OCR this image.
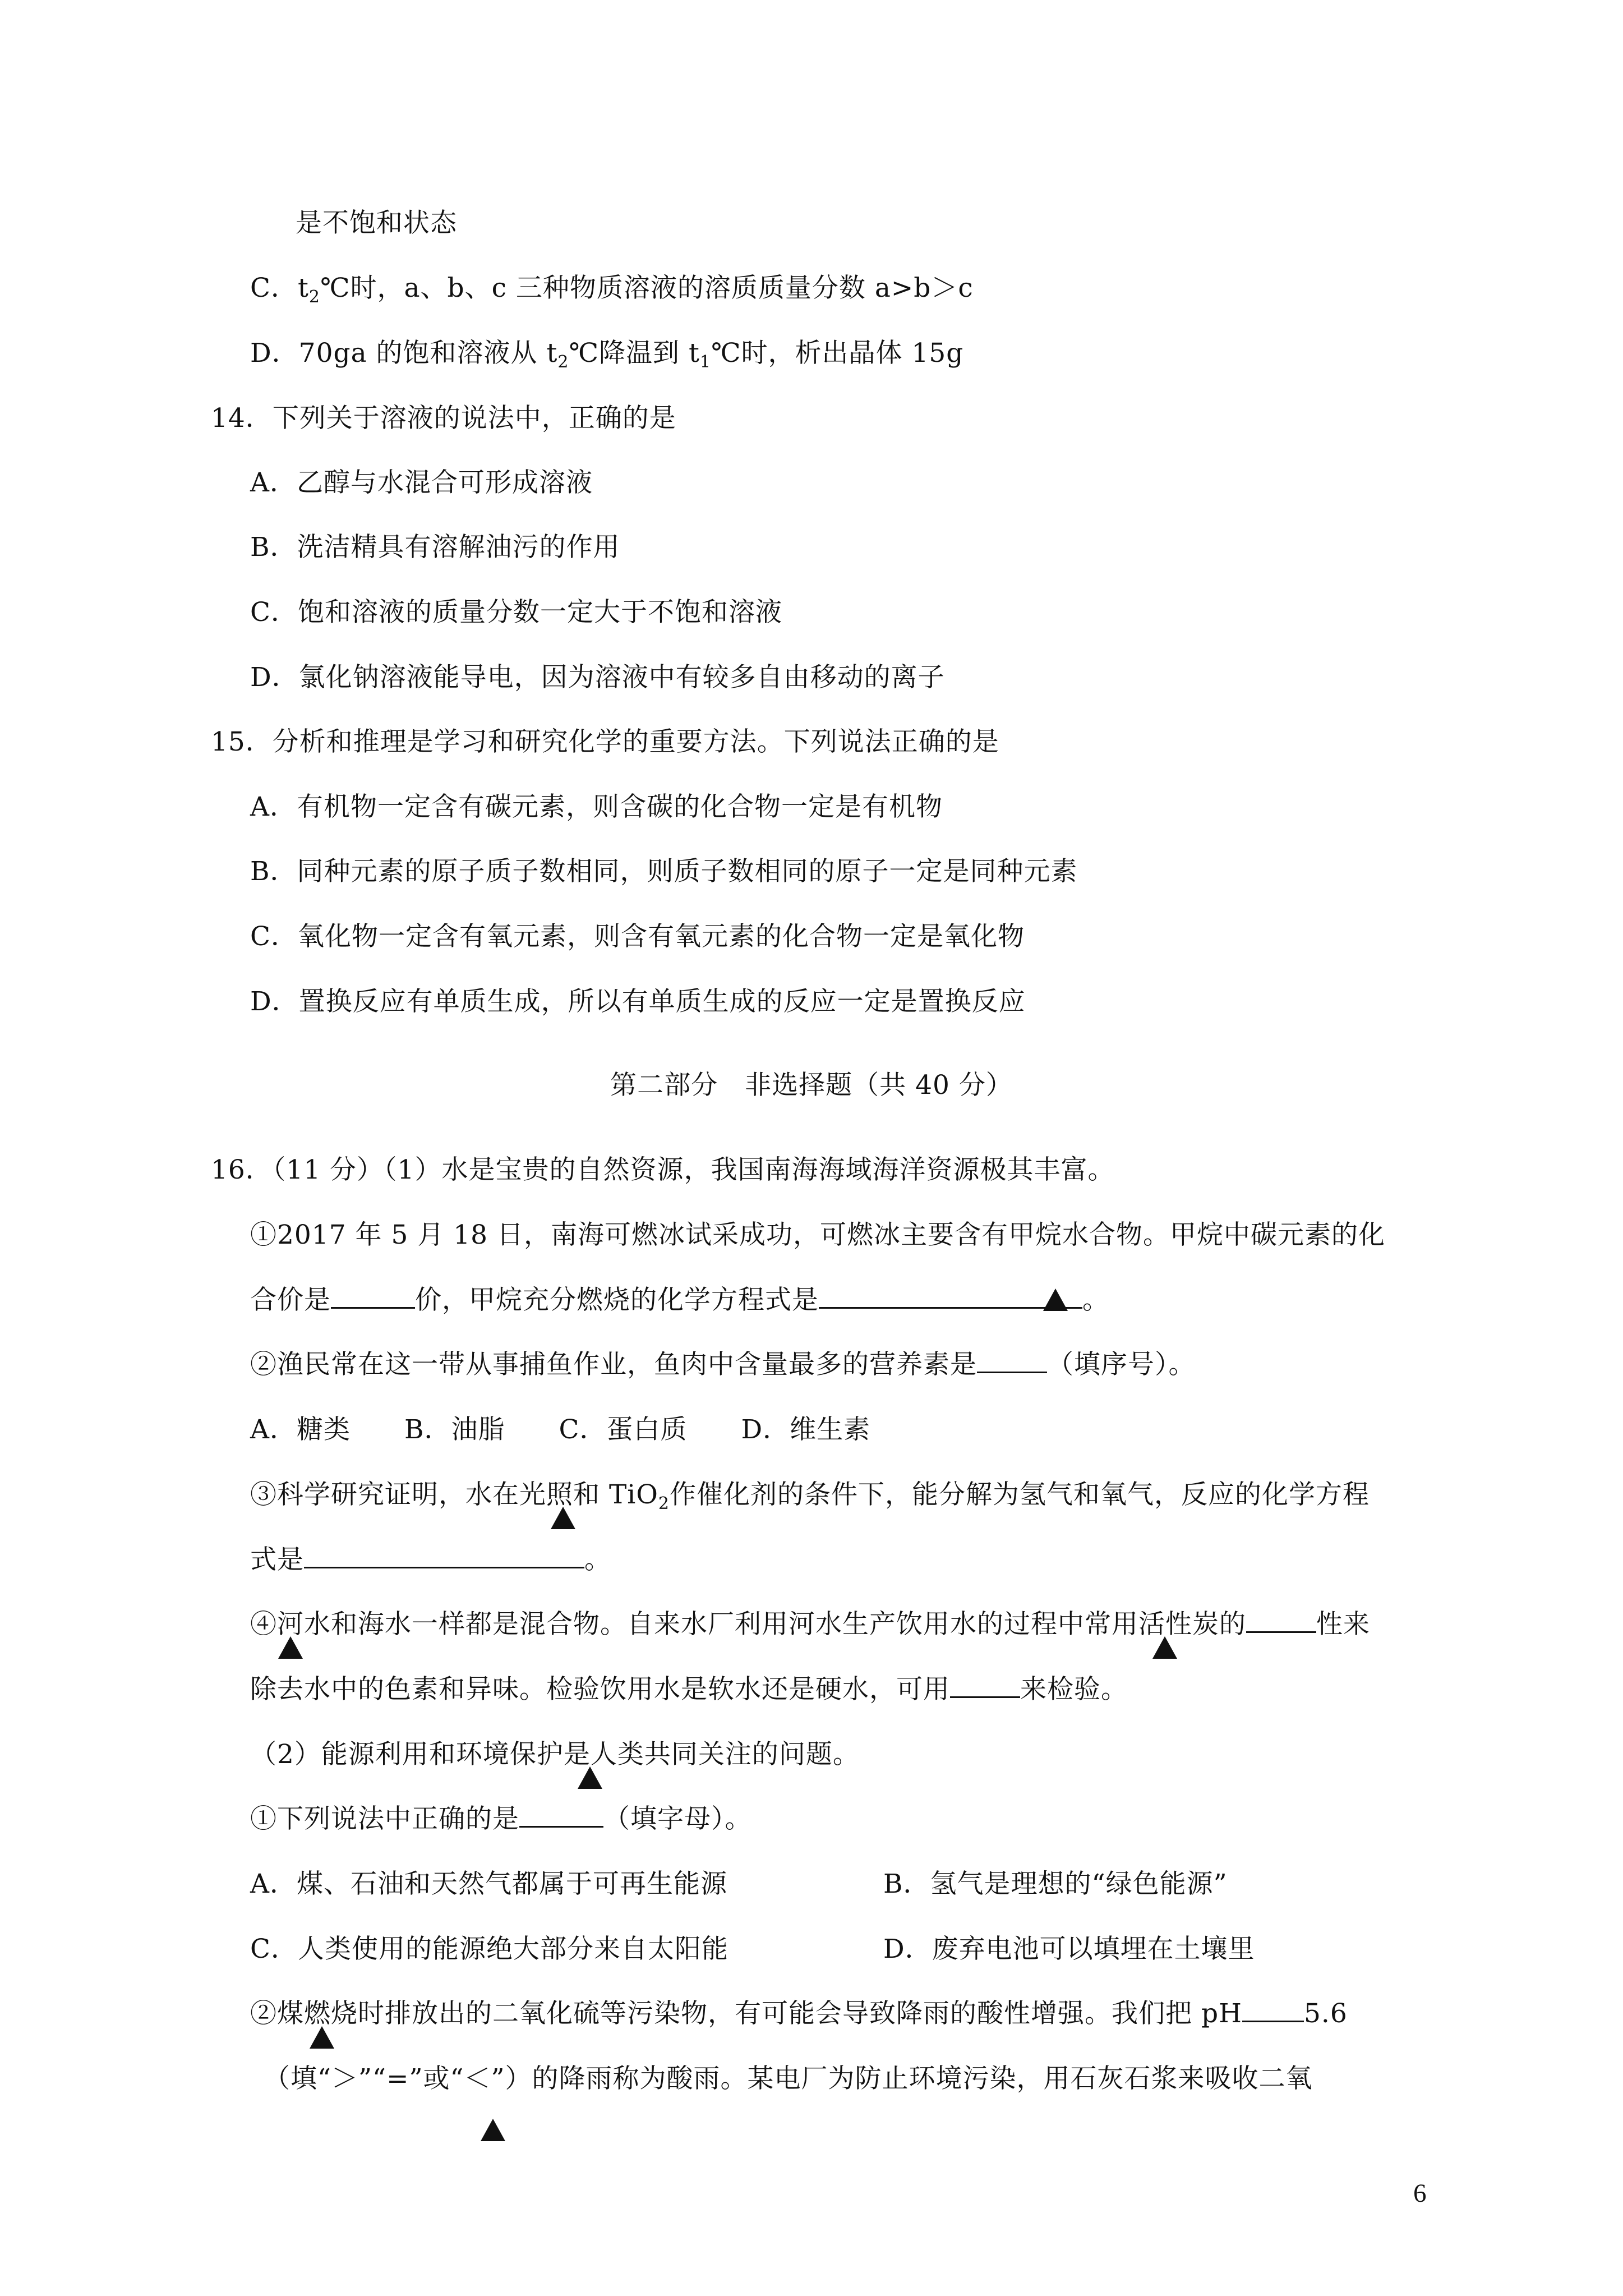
是不饱和状态
C．$t_2℃$时，a、b、c 三种物质溶液的溶质质量分数 a>b＞c
D．70ga 的饱和溶液从 $t_2℃$降温到 $t_1℃$时，析出晶体 15g
14．下列关于溶液的说法中，正确的是
A．乙醇与水混合可形成溶液
B．洗洁精具有溶解油污的作用
C．饱和溶液的质量分数一定大于不饱和溶液
D．氯化钠溶液能导电，因为溶液中有较多自由移动的离子
15．分析和推理是学习和研究化学的重要方法。下列说法正确的是
A．有机物一定含有碳元素，则含碳的化合物一定是有机物
B．同种元素的原子质子数相同，则质子数相同的原子一定是同种元素
C．氧化物一定含有氧元素，则含有氧元素的化合物一定是氧化物
D．置换反应有单质生成，所以有单质生成的反应一定是置换反应
第二部分　非选择题（共 40 分）
16．（11 分）（1）水是宝贵的自然资源，我国南海海域海洋资源极其丰富。
①2017 年 5 月 18 日，南海可燃冰试采成功，可燃冰主要含有甲烷水合物。甲烷中碳元素的化
合价是	价，甲烷充分燃烧的化学方程式是	。
②渔民常在这一带从事捕鱼作业，鱼肉中含量最多的营养素是	（填序号）。
A．糖类　　B．油脂　　C．蛋白质　　D．维生素
③科学研究证明，水在光照和 TiO$_2$作催化剂的条件下，能分解为氢气和氧气，反应的化学方程
式是	。
④河水和海水一样都是混合物。自来水厂利用河水生产饮用水的过程中常用活性炭的	性来
除去水中的色素和异味。检验饮用水是软水还是硬水，可用	来检验。
（2）能源利用和环境保护是人类共同关注的问题。
①下列说法中正确的是	（填字母）。
A．煤、石油和天然气都属于可再生能源	B．氢气是理想的“绿色能源”
C．人类使用的能源绝大部分来自太阳能	D．废弃电池可以填埋在土壤里
②煤燃烧时排放出的二氧化硫等污染物，有可能会导致降雨的酸性增强。我们把 pH 5.6
（填“＞”“=”或“＜”）的降雨称为酸雨。某电厂为防止环境污染，用石灰石浆来吸收二氧
6
